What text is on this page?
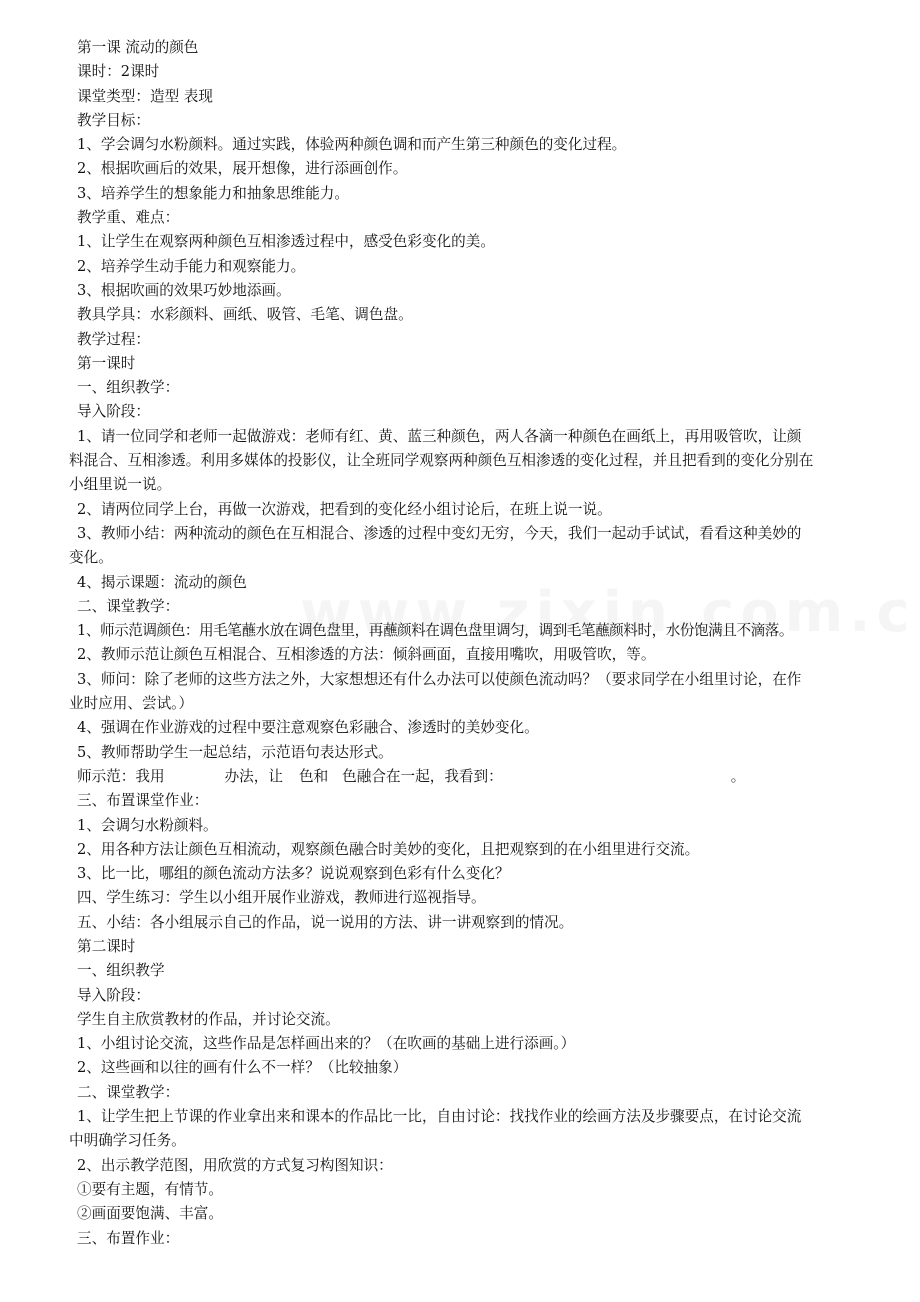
第一课 流动的颜色
课时：2课时
课堂类型：造型 表现
教学目标：
1、学会调匀水粉颜料。通过实践，体验两种颜色调和而产生第三种颜色的变化过程。
2、根据吹画后的效果，展开想像，进行添画创作。
3、培养学生的想象能力和抽象思维能力。
教学重、难点：
1、让学生在观察两种颜色互相渗透过程中，感受色彩变化的美。
2、培养学生动手能力和观察能力。
3、根据吹画的效果巧妙地添画。
教具学具：水彩颜料、画纸、吸管、毛笔、调色盘。
教学过程：
第一课时
一、组织教学：
导入阶段：
1、请一位同学和老师一起做游戏：老师有红、黄、蓝三种颜色，两人各滴一种颜色在画纸上，再用吸管吹，让颜
料混合、互相渗透。利用多媒体的投影仪，让全班同学观察两种颜色互相渗透的变化过程，并且把看到的变化分别在
小组里说一说。
2、请两位同学上台，再做一次游戏，把看到的变化经小组讨论后，在班上说一说。
3、教师小结：两种流动的颜色在互相混合、渗透的过程中变幻无穷，今天，我们一起动手试试，看看这种美妙的
变化。
4、揭示课题：流动的颜色
二、课堂教学：
1、师示范调颜色：用毛笔蘸水放在调色盘里，再蘸颜料在调色盘里调匀，调到毛笔蘸颜料时，水份饱满且不滴落。
2、教师示范让颜色互相混合、互相渗透的方法：倾斜画面，直接用嘴吹，用吸管吹，等。
3、师问：除了老师的这些方法之外，大家想想还有什么办法可以使颜色流动吗？（要求同学在小组里讨论，在作
业时应用、尝试。）
4、强调在作业游戏的过程中要注意观察色彩融合、渗透时的美妙变化。
5、教师帮助学生一起总结，示范语句表达形式。
师示范：我用	办法，让 色和 色融合在一起，我看到：	。
三、布置课堂作业：
1、会调匀水粉颜料。
2、用各种方法让颜色互相流动，观察颜色融合时美妙的变化，且把观察到的在小组里进行交流。
3、比一比，哪组的颜色流动方法多？说说观察到色彩有什么变化？
四、学生练习：学生以小组开展作业游戏，教师进行巡视指导。
五、小结：各小组展示自己的作品，说一说用的方法、讲一讲观察到的情况。
第二课时
一、组织教学
导入阶段：
学生自主欣赏教材的作品，并讨论交流。
1、小组讨论交流，这些作品是怎样画出来的？（在吹画的基础上进行添画。）
2、这些画和以往的画有什么不一样？（比较抽象）
二、课堂教学：
1、让学生把上节课的作业拿出来和课本的作品比一比，自由讨论：找找作业的绘画方法及步骤要点，在讨论交流
中明确学习任务。
2、出示教学范图，用欣赏的方式复习构图知识：
①要有主题，有情节。
②画面要饱满、丰富。
三、布置作业：
